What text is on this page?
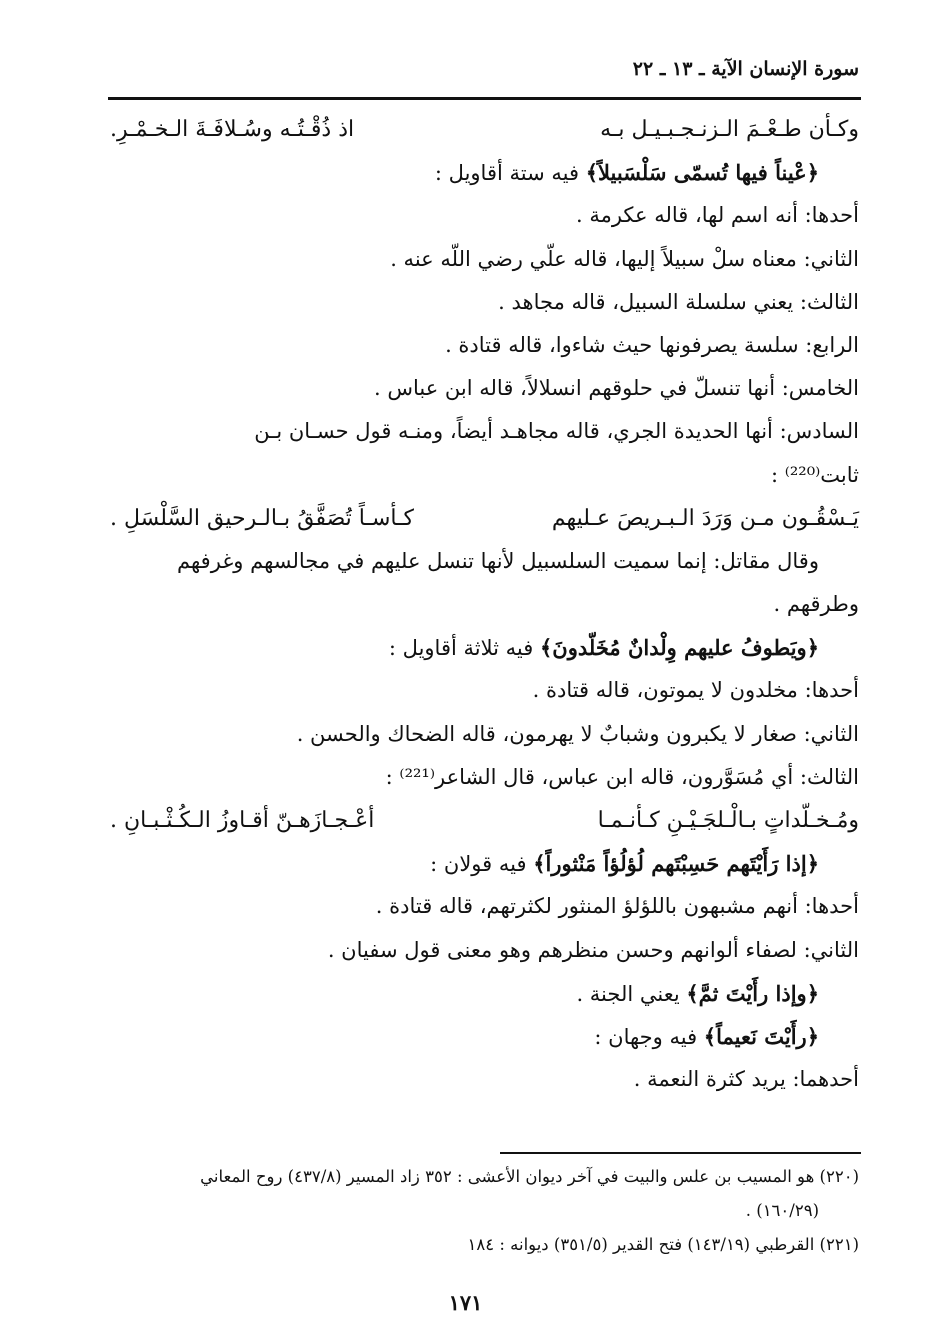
سورة الإنسان الآية ـ ١٣ ـ ٢٢
وكـأن طـعْـمَ الـزنـجـبـيـل بـه
اذ ذُقْـتُـه وسُـلافَـةَ الـخـمْـرِ.
﴿عْيناً فيها تُسمّى سَلْسَبيلاً﴾ فيه ستة أقاويل :
أحدها: أنه اسم لها، قاله عكرمة .
الثاني: معناه سلْ سبيلاً إليها، قاله علّي رضي اللّه عنه .
الثالث: يعني سلسلة السبيل، قاله مجاهد .
الرابع: سلسة يصرفونها حيث شاءوا، قاله قتادة .
الخامس: أنها تنسلّ في حلوقهم انسلالاً، قاله ابن عباس .
السادس: أنها الحديدة الجري، قاله مجاهـد أيضاً، ومنـه قول حسـان بـن
ثابت⁽²²⁰⁾ :
يَـسْقُـون مـن وَرَدَ الـبـريصَ عـليهم
كـأسـاً تُصَفَّقُ بـالـرحيق السَّلْسَلِ .
وقال مقاتل: إنما سميت السلسبيل لأنها تنسل عليهم في مجالسهم وغرفهم
وطرقهم .
﴿ويَطوفُ عليهم وِلْدانٌ مُخَلّدونَ﴾ فيه ثلاثة أقاويل :
أحدها: مخلدون لا يموتون، قاله قتادة .
الثاني: صغار لا يكبرون وشبابٌ لا يهرمون، قاله الضحاك والحسن .
الثالث: أي مُسَوَّرون، قاله ابن عباس، قال الشاعر⁽²²¹⁾ :
ومُـخـلّداتٍ بـالْـلجَـيْـنِ كـأنـمـا
أعْـجـازَهـنّ أقـاوزُ الـكُـثْـبـانِ .
﴿إذا رَأَيْتَهم حَسِبْتَهم لُؤلُؤاً مَنْثوراً﴾ فيه قولان :
أحدها: أنهم مشبهون باللؤلؤ المنثور لكثرتهم، قاله قتادة .
الثاني: لصفاء ألوانهم وحسن منظرهم وهو معنى قول سفيان .
﴿وإذا رأَيْتَ ثمَّ﴾ يعني الجنة .
﴿رأَيْتَ نَعيماً﴾ فيه وجهان :
أحدهما: يريد كثرة النعمة .
(٢٢٠) هو المسيب بن علس والبيت في آخر ديوان الأعشى : ٣٥٢ زاد المسير (٤٣٧/٨) روح المعاني
(١٦٠/٢٩) .
(٢٢١) القرطبي (١٤٣/١٩) فتح القدير (٣٥١/٥) ديوانه : ١٨٤
١٧١
